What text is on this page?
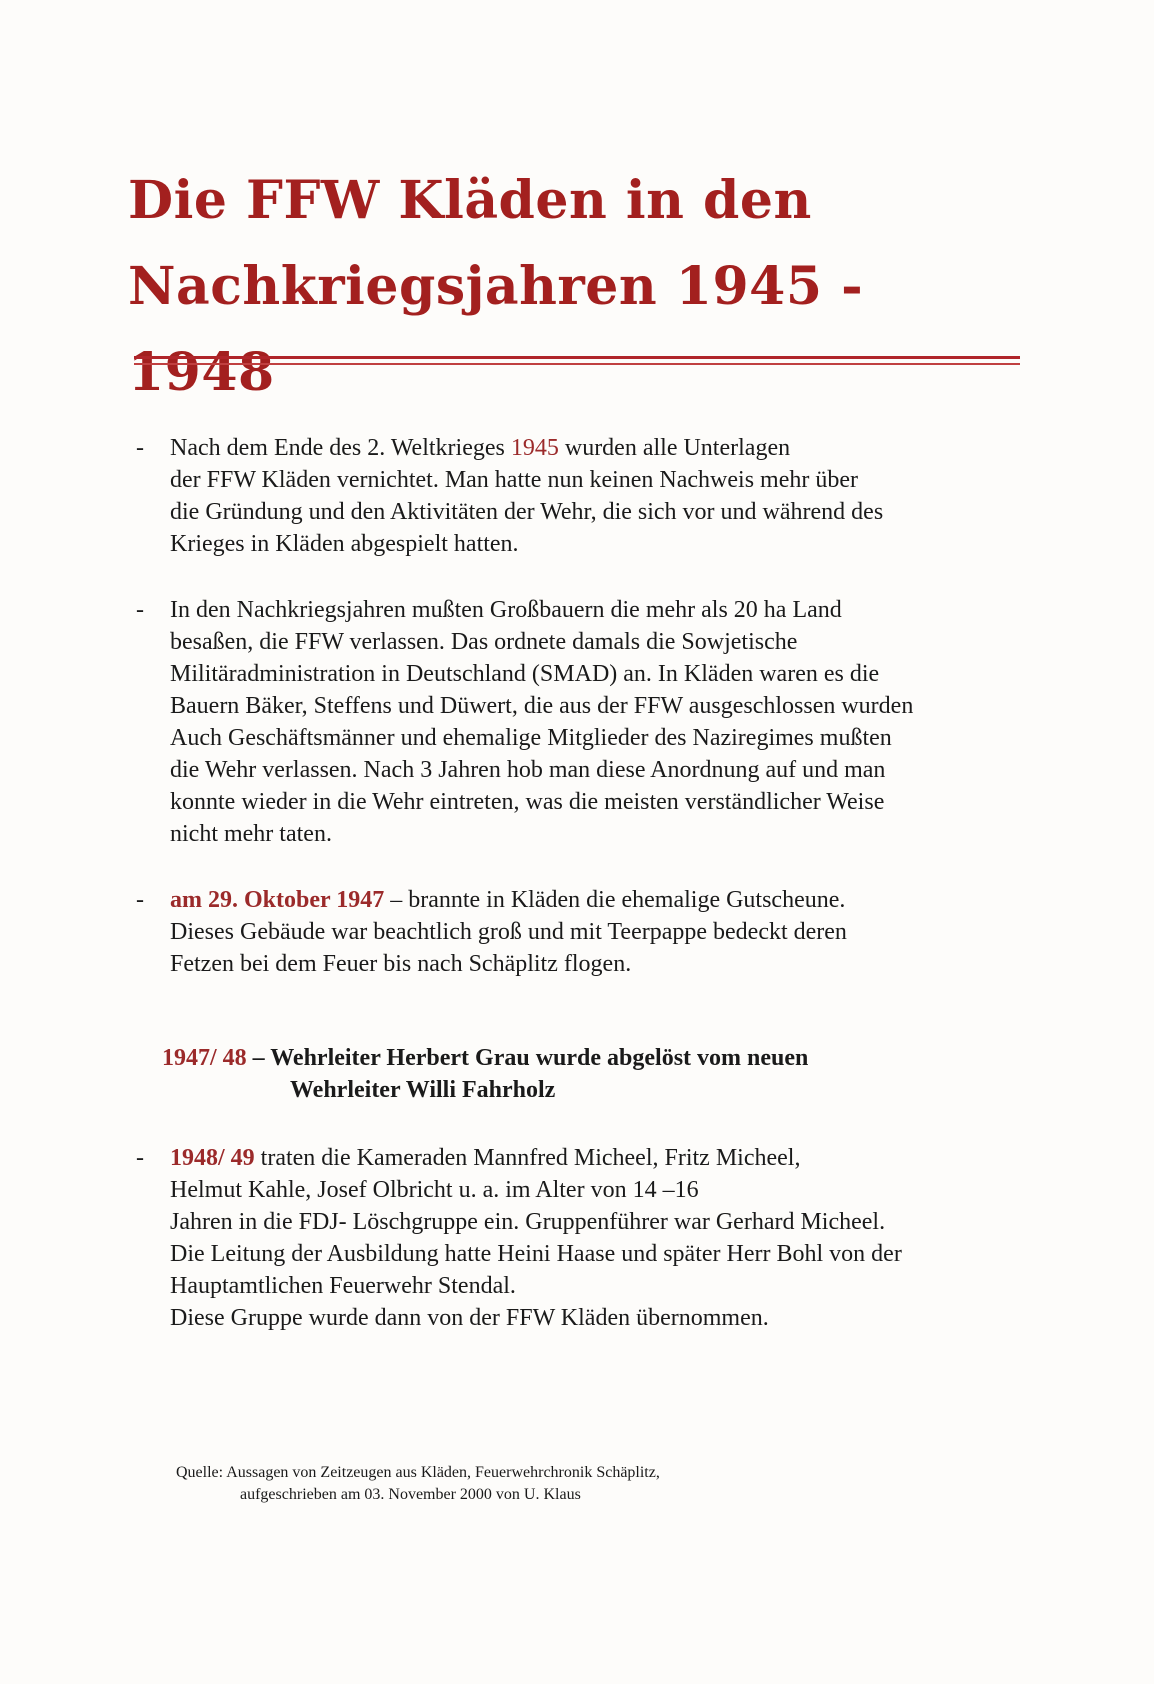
Die FFW Kläden in den
Nachkriegsjahren 1945 - 1948
- Nach dem Ende des 2. Weltkrieges 1945 wurden alle Unterlagen
der FFW Kläden vernichtet. Man hatte nun keinen Nachweis mehr über
die Gründung und den Aktivitäten der Wehr, die sich vor und während des
Krieges in Kläden abgespielt hatten.
- In den Nachkriegsjahren mußten Großbauern die mehr als 20 ha Land
besaßen, die FFW verlassen. Das ordnete damals die Sowjetische
Militäradministration in Deutschland (SMAD) an. In Kläden waren es die
Bauern Bäker, Steffens und Düwert, die aus der FFW ausgeschlossen wurden
Auch Geschäftsmänner und ehemalige Mitglieder des Naziregimes mußten
die Wehr verlassen. Nach 3 Jahren hob man diese Anordnung auf und man
konnte wieder in die Wehr eintreten, was die meisten verständlicher Weise
nicht mehr taten.
- am 29. Oktober 1947 – brannte in Kläden die ehemalige Gutscheune.
Dieses Gebäude war beachtlich groß und mit Teerpappe bedeckt deren
Fetzen bei dem Feuer bis nach Schäplitz flogen.
1947/ 48 – Wehrleiter Herbert Grau wurde abgelöst vom neuen
Wehrleiter Willi Fahrholz
- 1948/ 49 traten die Kameraden Mannfred Micheel, Fritz Micheel,
Helmut Kahle, Josef Olbricht u. a. im Alter von 14 –16
Jahren in die FDJ- Löschgruppe ein. Gruppenführer war Gerhard Micheel.
Die Leitung der Ausbildung hatte Heini Haase und später Herr Bohl von der
Hauptamtlichen Feuerwehr Stendal.
Diese Gruppe wurde dann von der FFW Kläden übernommen.
Quelle: Aussagen von Zeitzeugen aus Kläden, Feuerwehrchronik Schäplitz,
aufgeschrieben am 03. November 2000 von U. Klaus
